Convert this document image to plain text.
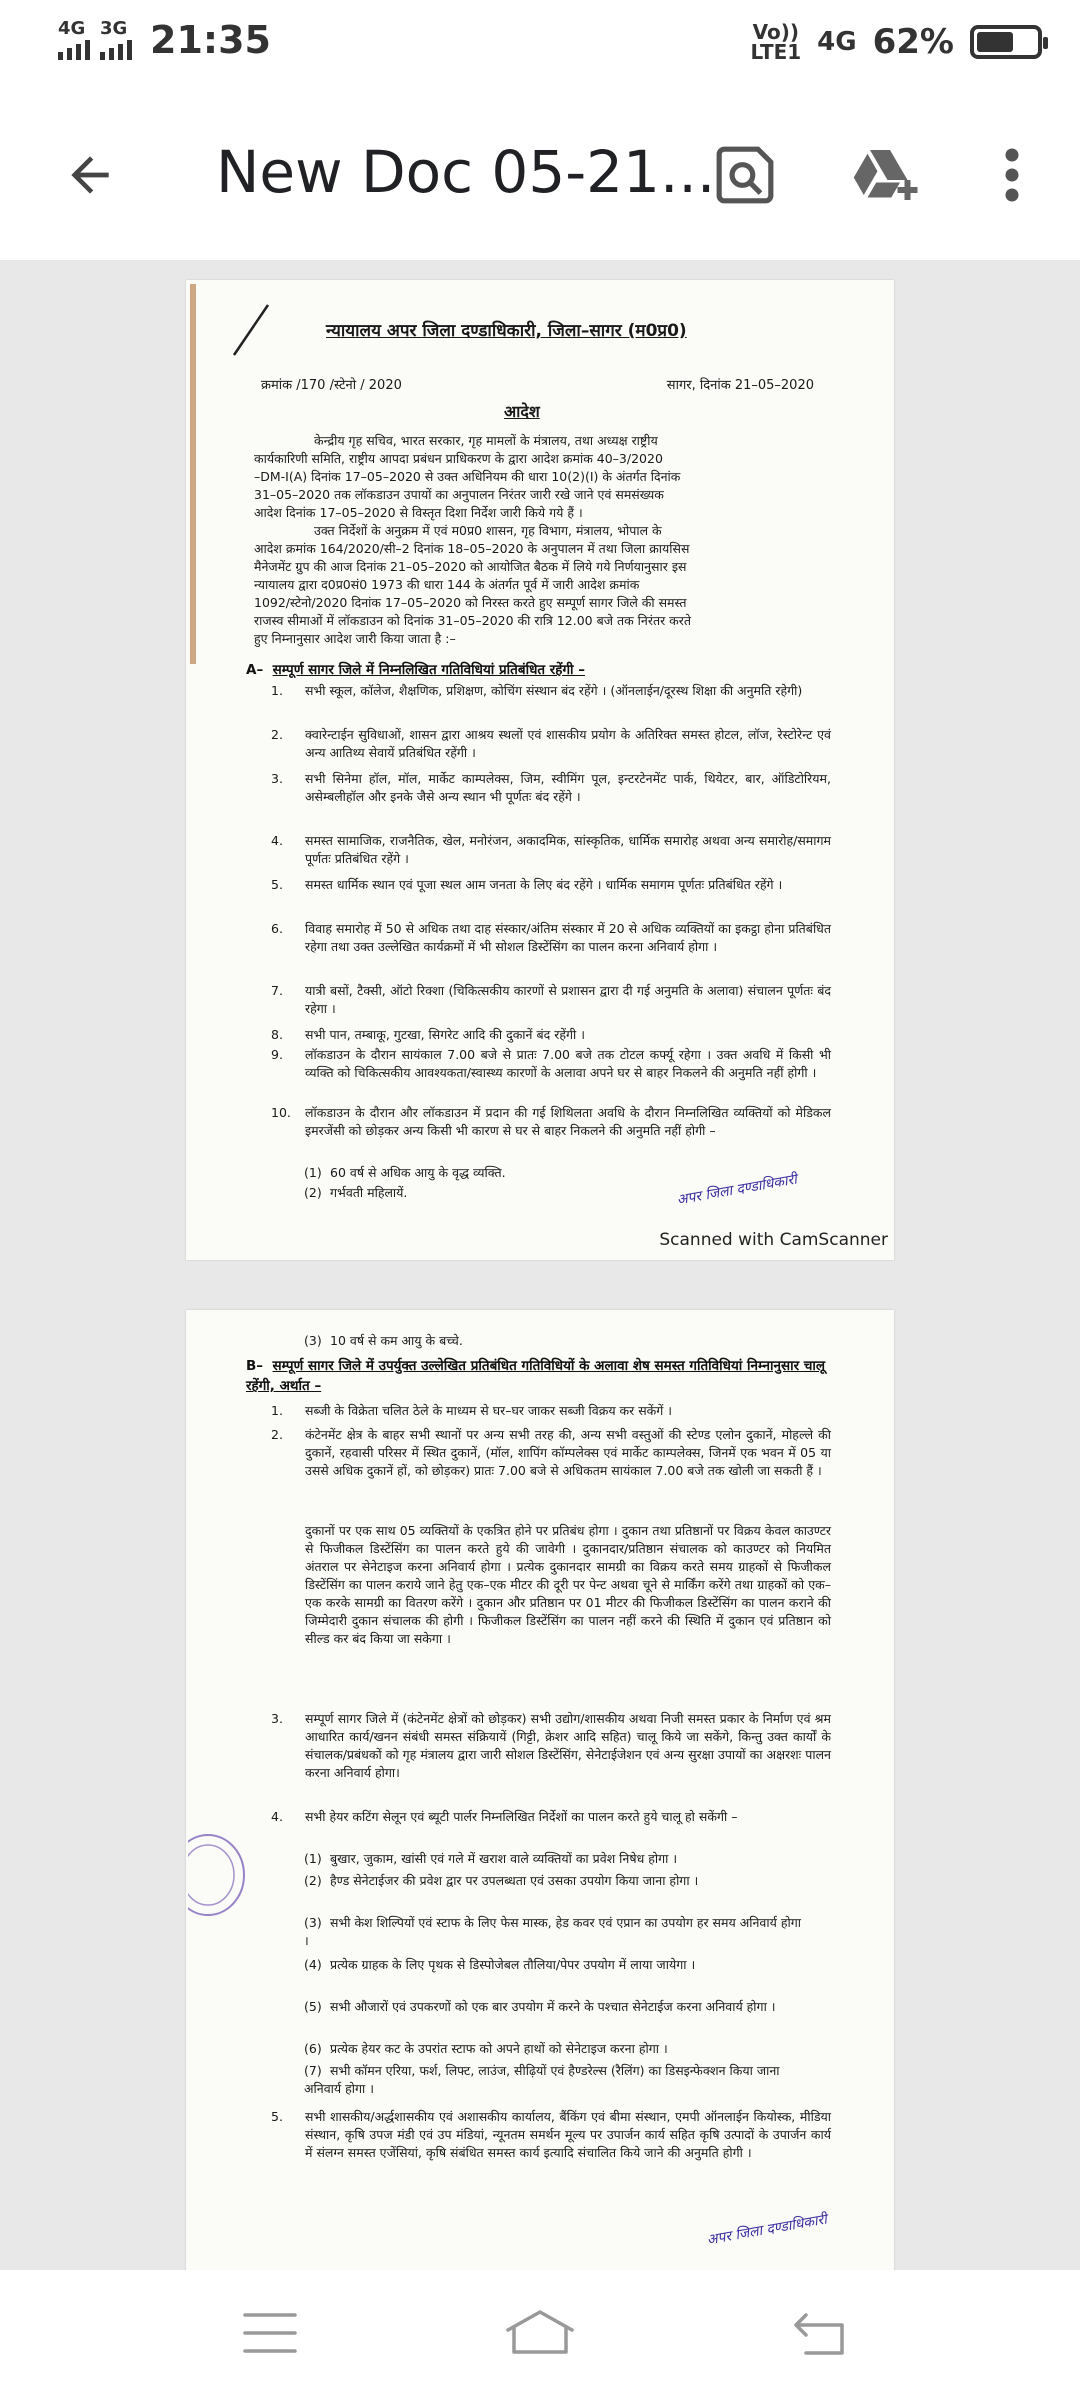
4G 3G 21:35	Vo))
LTE1 4G 62%
New Doc 05-21...
न्यायालय अपर जिला दण्डाधिकारी, जिला–सागर (म0प्र0)
क्रमांक /170 /स्टेनो / 2020	सागर, दिनांक 21–05–2020
आदेश
केन्द्रीय गृह सचिव, भारत सरकार, गृह मामलों के मंत्रालय, तथा अध्यक्ष राष्ट्रीय
कार्यकारिणी समिति, राष्ट्रीय आपदा प्रबंधन प्राधिकरण के द्वारा आदेश क्रमांक 40–3/2020
–DM-I(A) दिनांक 17–05–2020 से उक्त अधिनियम की धारा 10(2)(I) के अंतर्गत दिनांक
31–05–2020 तक लॉकडाउन उपायों का अनुपालन निरंतर जारी रखे जाने एवं समसंख्यक
आदेश दिनांक 17–05–2020 से विस्तृत दिशा निर्देश जारी किये गये हैं ।
उक्त निर्देशों के अनुक्रम में एवं म0प्र0 शासन, गृह विभाग, मंत्रालय, भोपाल के
आदेश क्रमांक 164/2020/सी–2 दिनांक 18–05–2020 के अनुपालन में तथा जिला क्रायसिस
मैनेजमेंट ग्रुप की आज दिनांक 21–05–2020 को आयोजित बैठक में लिये गये निर्णयानुसार इस
न्यायालय द्वारा द0प्र0सं0 1973 की धारा 144 के अंतर्गत पूर्व में जारी आदेश क्रमांक
1092/स्टेनो/2020 दिनांक 17–05–2020 को निरस्त करते हुए सम्पूर्ण सागर जिले की समस्त
राजस्व सीमाओं में लॉकडाउन को दिनांक 31–05–2020 की रात्रि 12.00 बजे तक निरंतर करते
हुए निम्नानुसार आदेश जारी किया जाता है :–
A– सम्पूर्ण सागर जिले में निम्नलिखित गतिविधियां प्रतिबंधित रहेंगी –
1.	सभी स्कूल, कॉलेज, शैक्षणिक, प्रशिक्षण, कोचिंग संस्थान बंद रहेंगे । (ऑनलाईन/दूरस्थ शिक्षा की अनुमति रहेगी)
2.	क्वारेन्टाईन सुविधाओं, शासन द्वारा आश्रय स्थलों एवं शासकीय प्रयोग के अतिरिक्त समस्त होटल, लॉज, रेस्टोरेन्ट एवं अन्य आतिथ्य सेवायें प्रतिबंधित रहेंगी ।
3.	सभी सिनेमा हॉल, मॉल, मार्केट काम्पलेक्स, जिम, स्वीमिंग पूल, इन्टरटेनमेंट पार्क, थियेटर, बार, ऑडिटोरियम, असेम्बलीहॉल और इनके जैसे अन्य स्थान भी पूर्णतः बंद रहेंगे ।
4.	समस्त सामाजिक, राजनैतिक, खेल, मनोरंजन, अकादमिक, सांस्कृतिक, धार्मिक समारोह अथवा अन्य समारोह/समागम पूर्णतः प्रतिबंधित रहेंगे ।
5.	समस्त धार्मिक स्थान एवं पूजा स्थल आम जनता के लिए बंद रहेंगे । धार्मिक समागम पूर्णतः प्रतिबंधित रहेंगे ।
6.	विवाह समारोह में 50 से अधिक तथा दाह संस्कार/अंतिम संस्कार में 20 से अधिक व्यक्तियों का इकट्ठा होना प्रतिबंधित रहेगा तथा उक्त उल्लेखित कार्यक्रमों में भी सोशल डिस्टेंसिंग का पालन करना अनिवार्य होगा ।
7.	यात्री बसों, टैक्सी, ऑटो रिक्शा (चिकित्सकीय कारणों से प्रशासन द्वारा दी गई अनुमति के अलावा) संचालन पूर्णतः बंद रहेगा ।
8.	सभी पान, तम्बाकू, गुटखा, सिगरेट आदि की दुकानें बंद रहेंगी ।
9.	लॉकडाउन के दौरान सायंकाल 7.00 बजे से प्रातः 7.00 बजे तक टोटल कर्फ्यू रहेगा । उक्त अवधि में किसी भी व्यक्ति को चिकित्सकीय आवश्यकता/स्वास्थ्य कारणों के अलावा अपने घर से बाहर निकलने की अनुमति नहीं होगी ।
10.	लॉकडाउन के दौरान और लॉकडाउन में प्रदान की गई शिथिलता अवधि के दौरान निम्नलिखित व्यक्तियों को मेडिकल इमरजेंसी को छोड़कर अन्य किसी भी कारण से घर से बाहर निकलने की अनुमति नहीं होगी –
(1) 60 वर्ष से अधिक आयु के वृद्ध व्यक्ति.
(2) गर्भवती महिलायें.	अपर जिला दण्डाधिकारी
Scanned with CamScanner
(3) 10 वर्ष से कम आयु के बच्चे.
B– सम्पूर्ण सागर जिले में उपर्युक्त उल्लेखित प्रतिबंधित गतिविधियों के अलावा शेष समस्त गतिविधियां निम्नानुसार चालू रहेंगी, अर्थात –
1.	सब्जी के विक्रेता चलित ठेले के माध्यम से घर–घर जाकर सब्जी विक्रय कर सकेंगें ।
2.	कंटेनमेंट क्षेत्र के बाहर सभी स्थानों पर अन्य सभी तरह की, अन्य सभी वस्तुओं की स्टेण्ड एलोन दुकानें, मोहल्ले की दुकानें, रहवासी परिसर में स्थित दुकानें, (मॉल, शापिंग कॉम्पलेक्स एवं मार्केट काम्पलेक्स, जिनमें एक भवन में 05 या उससे अधिक दुकानें हों, को छोड़कर) प्रातः 7.00 बजे से अधिकतम सायंकाल 7.00 बजे तक खोली जा सकती हैं ।
दुकानों पर एक साथ 05 व्यक्तियों के एकत्रित होने पर प्रतिबंध होगा । दुकान तथा प्रतिष्ठानों पर विक्रय केवल काउण्टर से फिजीकल डिस्टेंसिंग का पालन करते हुये की जावेगी । दुकानदार/प्रतिष्ठान संचालक को काउण्टर को नियमित अंतराल पर सेनेटाइज करना अनिवार्य होगा । प्रत्येक दुकानदार सामग्री का विक्रय करते समय ग्राहकों से फिजीकल डिस्टेंसिंग का पालन कराये जाने हेतु एक–एक मीटर की दूरी पर पेन्ट अथवा चूने से मार्किंग करेंगे तथा ग्राहकों को एक–एक करके सामग्री का वितरण करेंगे । दुकान और प्रतिष्ठान पर 01 मीटर की फिजीकल डिस्टेंसिंग का पालन कराने की जिम्मेदारी दुकान संचालक की होगी । फिजीकल डिस्टेंसिंग का पालन नहीं करने की स्थिति में दुकान एवं प्रतिष्ठान को सील्ड कर बंद किया जा सकेगा ।
3.	सम्पूर्ण सागर जिले में (कंटेनमेंट क्षेत्रों को छोड़कर) सभी उद्योग/शासकीय अथवा निजी समस्त प्रकार के निर्माण एवं श्रम आधारित कार्य/खनन संबंधी समस्त संक्रियायें (गिट्टी, क्रेशर आदि सहित) चालू किये जा सकेंगे, किन्तु उक्त कार्यों के संचालक/प्रबंधकों को गृह मंत्रालय द्वारा जारी सोशल डिस्टेंसिंग, सेनेटाईजेशन एवं अन्य सुरक्षा उपायों का अक्षरशः पालन करना अनिवार्य होगा।
4.	सभी हेयर कटिंग सेलून एवं ब्यूटी पार्लर निम्नलिखित निर्देशों का पालन करते हुये चालू हो सकेंगी –
(1) बुखार, जुकाम, खांसी एवं गले में खराश वाले व्यक्तियों का प्रवेश निषेध होगा ।
(2) हैण्ड सेनेटाईजर की प्रवेश द्वार पर उपलब्धता एवं उसका उपयोग किया जाना होगा ।
(3) सभी केश शिल्पियों एवं स्टाफ के लिए फेस मास्क, हेड कवर एवं एप्रान का उपयोग हर समय अनिवार्य होगा ।
(4) प्रत्येक ग्राहक के लिए पृथक से डिस्पोजेबल तौलिया/पेपर उपयोग में लाया जायेगा ।
(5) सभी औजारों एवं उपकरणों को एक बार उपयोग में करने के पश्चात सेनेटाईज करना अनिवार्य होगा ।
(6) प्रत्येक हेयर कट के उपरांत स्टाफ को अपने हाथों को सेनेटाइज करना होगा ।
(7) सभी कॉमन एरिया, फर्श, लिफ्ट, लाउंज, सीढ़ियों एवं हैण्डरेल्स (रैलिंग) का डिसइन्फेक्शन किया जाना अनिवार्य होगा ।
5.	सभी शासकीय/अर्द्धशासकीय एवं अशासकीय कार्यालय, बैंकिंग एवं बीमा संस्थान, एमपी ऑनलाईन कियोस्क, मीडिया संस्थान, कृषि उपज मंडी एवं उप मंडियां, न्यूनतम समर्थन मूल्य पर उपार्जन कार्य सहित कृषि उत्पादों के उपार्जन कार्य में संलग्न समस्त एजेंसियां, कृषि संबंधित समस्त कार्य इत्यादि संचालित किये जाने की अनुमति होगी ।
अपर जिला दण्डाधिकारी
